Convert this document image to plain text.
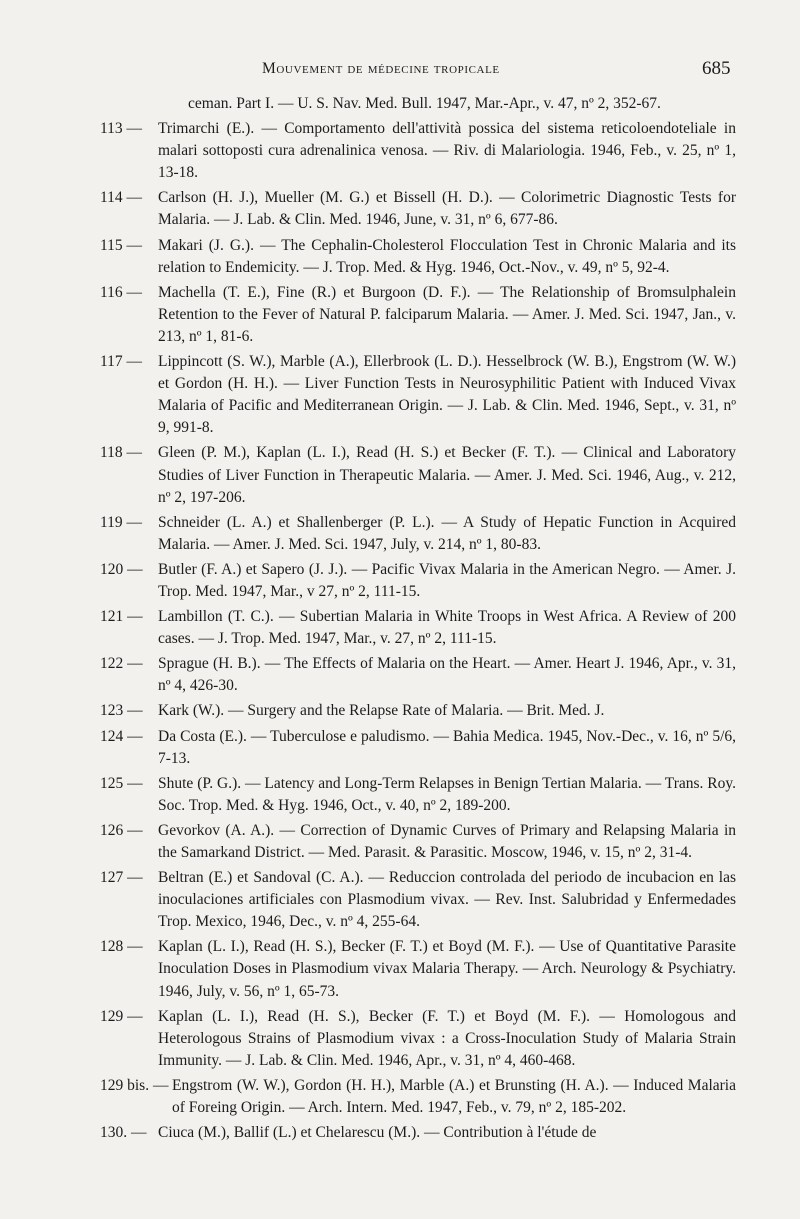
Mouvement de médecine tropicale	685
ceman. Part I. — U. S. Nav. Med. Bull. 1947, Mar.-Apr., v. 47, nº 2, 352-67.
113 —	Trimarchi (E.). — Comportamento dell'attività possica del sistema reticoloendoteliale in malari sottoposti cura adrenalinica venosa. — Riv. di Malariologia. 1946, Feb., v. 25, nº 1, 13-18.
114 —	Carlson (H. J.), Mueller (M. G.) et Bissell (H. D.). — Colorimetric Diagnostic Tests for Malaria. — J. Lab. & Clin. Med. 1946, June, v. 31, nº 6, 677-86.
115 —	Makari (J. G.). — The Cephalin-Cholesterol Flocculation Test in Chronic Malaria and its relation to Endemicity. — J. Trop. Med. & Hyg. 1946, Oct.-Nov., v. 49, nº 5, 92-4.
116 —	Machella (T. E.), Fine (R.) et Burgoon (D. F.). — The Relationship of Bromsulphalein Retention to the Fever of Natural P. falciparum Malaria. — Amer. J. Med. Sci. 1947, Jan., v. 213, nº 1, 81-6.
117 —	Lippincott (S. W.), Marble (A.), Ellerbrook (L. D.). Hesselbrock (W. B.), Engstrom (W. W.) et Gordon (H. H.). — Liver Function Tests in Neurosyphilitic Patient with Induced Vivax Malaria of Pacific and Mediterranean Origin. — J. Lab. & Clin. Med. 1946, Sept., v. 31, nº 9, 991-8.
118 —	Gleen (P. M.), Kaplan (L. I.), Read (H. S.) et Becker (F. T.). — Clinical and Laboratory Studies of Liver Function in Therapeutic Malaria. — Amer. J. Med. Sci. 1946, Aug., v. 212, nº 2, 197-206.
119 —	Schneider (L. A.) et Shallenberger (P. L.). — A Study of Hepatic Function in Acquired Malaria. — Amer. J. Med. Sci. 1947, July, v. 214, nº 1, 80-83.
120 — Butler (F. A.) et Sapero (J. J.). — Pacific Vivax Malaria in the American Negro. — Amer. J. Trop. Med. 1947, Mar., v 27, nº 2, 111-15.
121 — Lambillon (T. C.). — Subertian Malaria in White Troops in West Africa. A Review of 200 cases. — J. Trop. Med. 1947, Mar., v. 27, nº 2, 111-15.
122 — Sprague (H. B.). — The Effects of Malaria on the Heart. — Amer. Heart J. 1946, Apr., v. 31, nº 4, 426-30.
123 — Kark (W.). — Surgery and the Relapse Rate of Malaria. — Brit. Med. J.
124 — Da Costa (E.). — Tuberculose e paludismo. — Bahia Medica. 1945, Nov.-Dec., v. 16, nº 5/6, 7-13.
125 — Shute (P. G.). — Latency and Long-Term Relapses in Benign Tertian Malaria. — Trans. Roy. Soc. Trop. Med. & Hyg. 1946, Oct., v. 40, nº 2, 189-200.
126 — Gevorkov (A. A.). — Correction of Dynamic Curves of Primary and Relapsing Malaria in the Samarkand District. — Med. Parasit. & Parasitic. Moscow, 1946, v. 15, nº 2, 31-4.
127 — Beltran (E.) et Sandoval (C. A.). — Reduccion controlada del periodo de incubacion en las inoculaciones artificiales con Plasmodium vivax. — Rev. Inst. Salubridad y Enfermedades Trop. Mexico, 1946, Dec., v. nº 4, 255-64.
128 — Kaplan (L. I.), Read (H. S.), Becker (F. T.) et Boyd (M. F.). — Use of Quantitative Parasite Inoculation Doses in Plasmodium vivax Malaria Therapy. — Arch. Neurology & Psychiatry. 1946, July, v. 56, nº 1, 65-73.
129 — Kaplan (L. I.), Read (H. S.), Becker (F. T.) et Boyd (M. F.). — Homologous and Heterologous Strains of Plasmodium vivax : a Cross-Inoculation Study of Malaria Strain Immunity. — J. Lab. & Clin. Med. 1946, Apr., v. 31, nº 4, 460-468.
129 bis. — Engstrom (W. W.), Gordon (H. H.), Marble (A.) et Brunsting (H. A.). — Induced Malaria of Foreing Origin. — Arch. Intern. Med. 1947, Feb., v. 79, nº 2, 185-202.
130. — Ciuca (M.), Ballif (L.) et Chelarescu (M.). — Contribution à l'étude de
